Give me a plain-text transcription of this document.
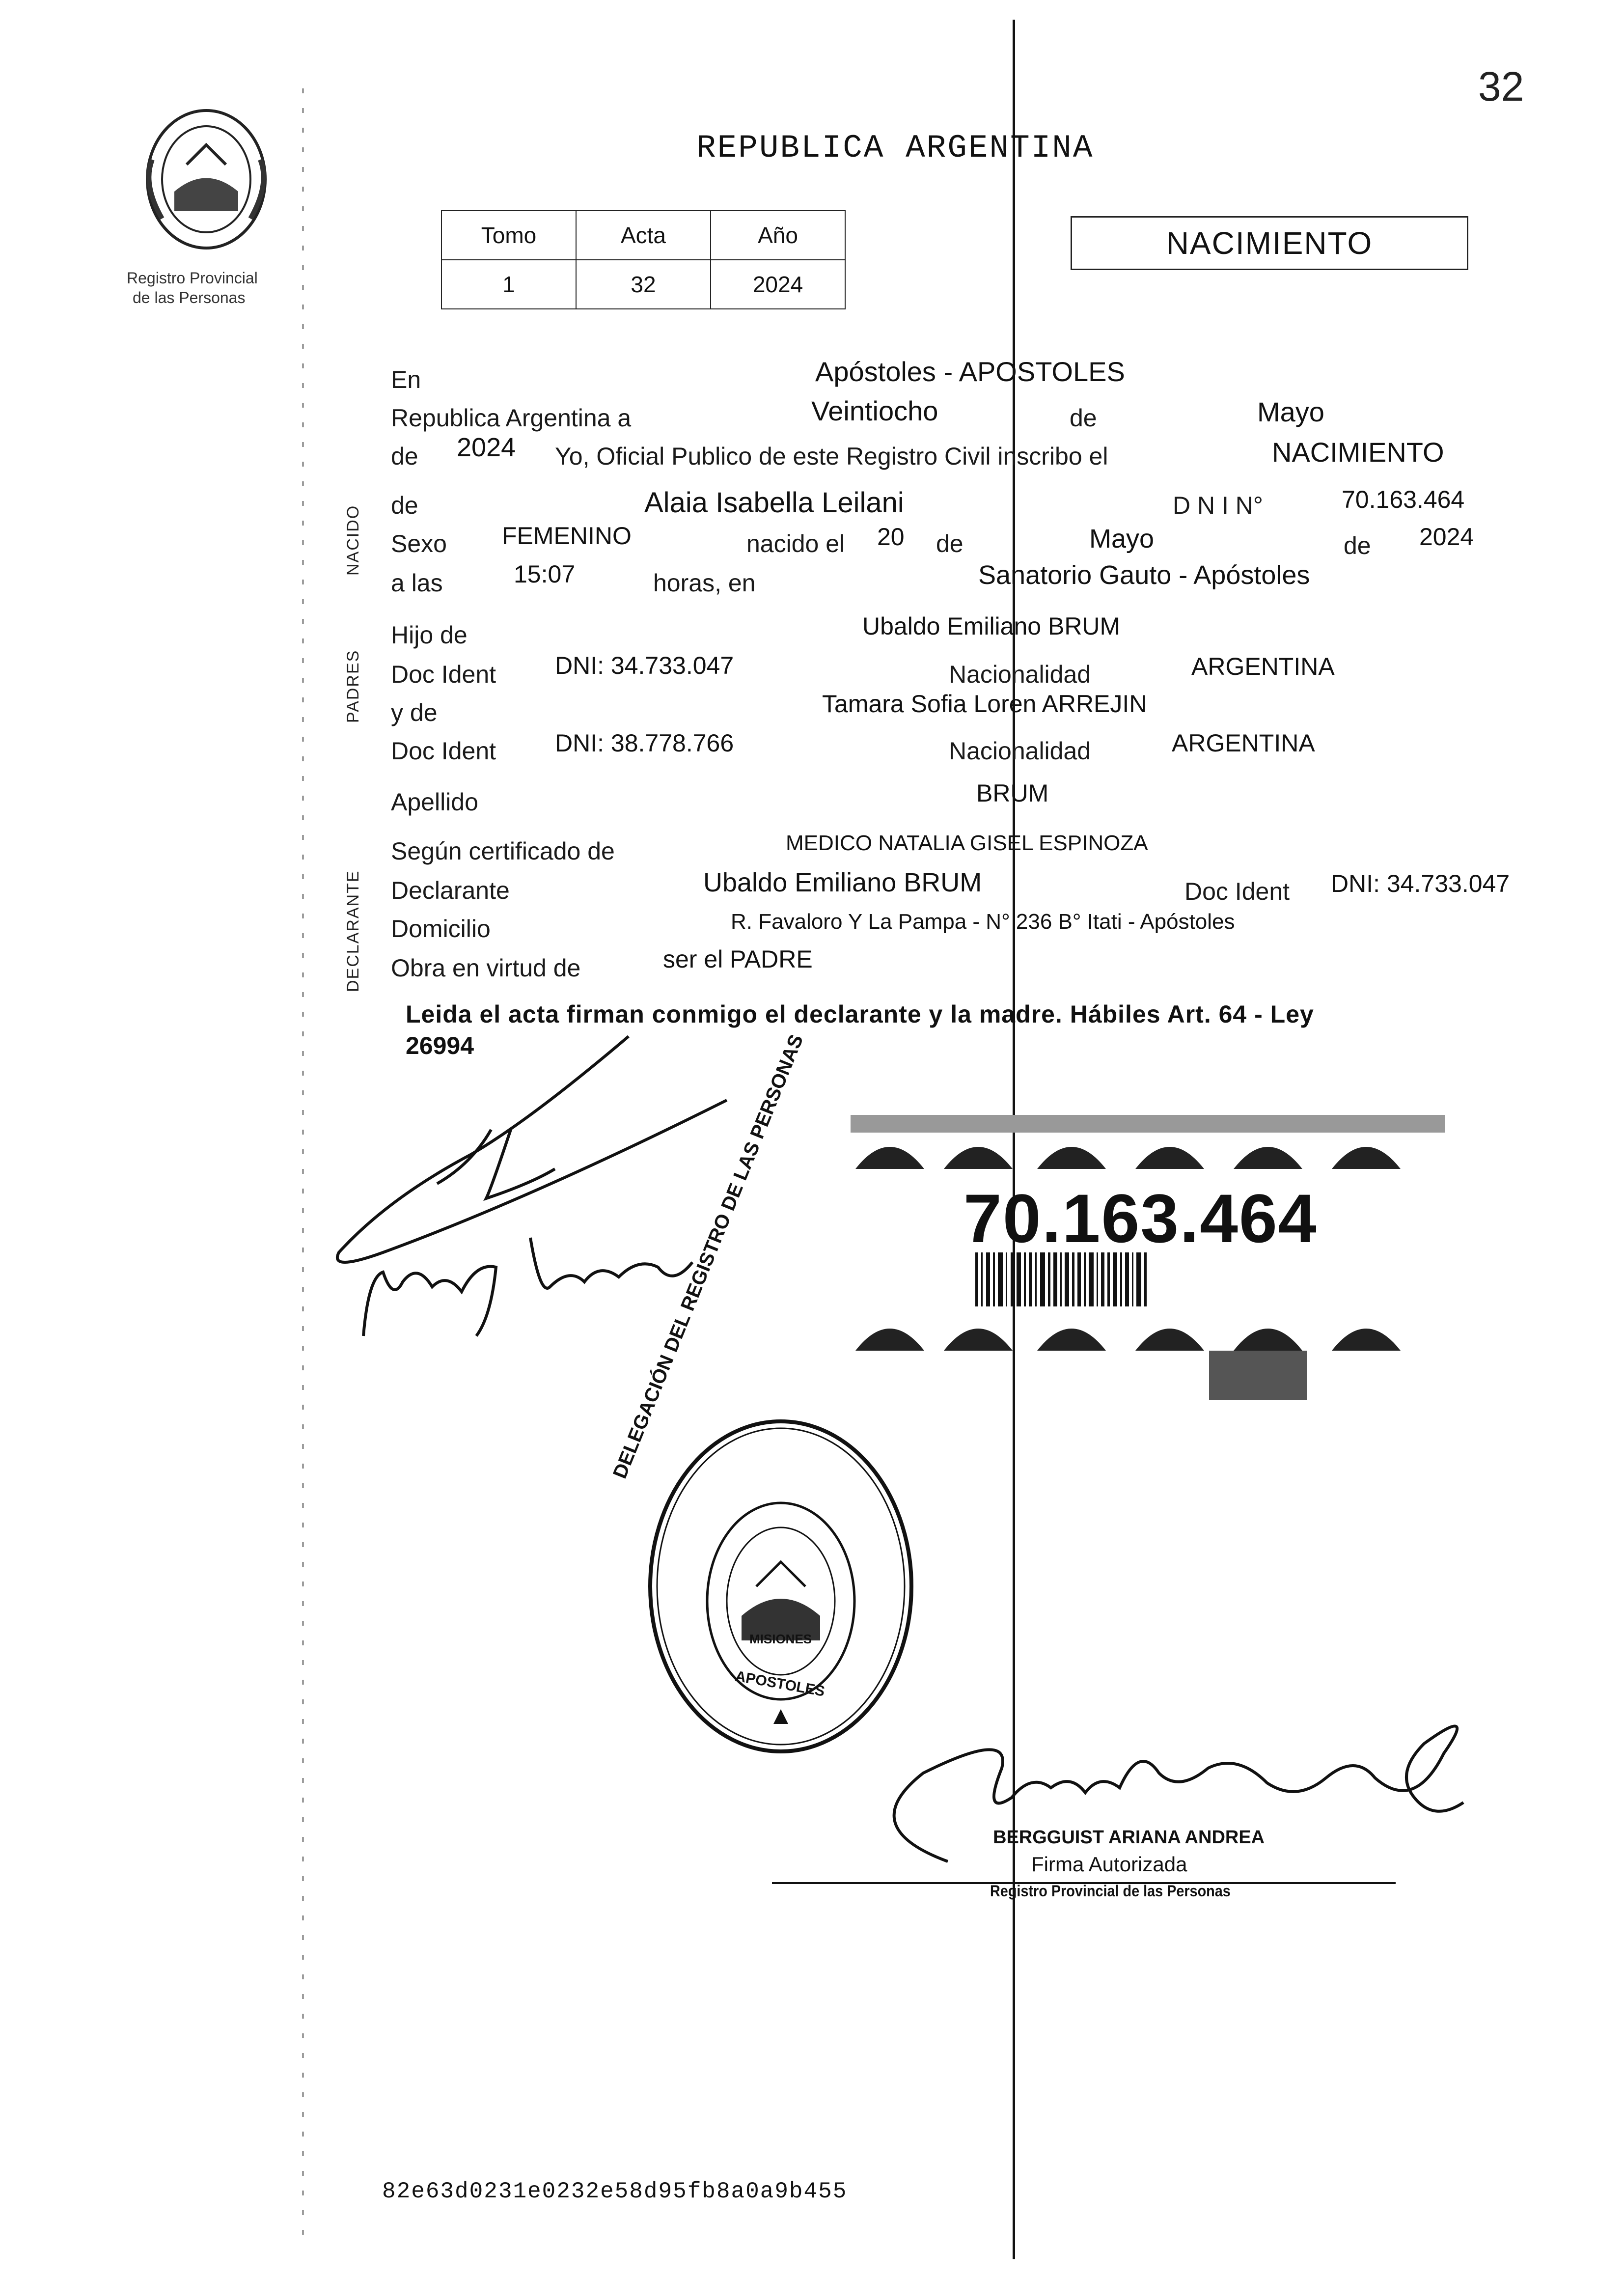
32
Registro Provincial
de las Personas
REPUBLICA ARGENTINA
Tomo	Acta	Año
1	32	2024
NACIMIENTO
NACIDO
PADRES
DECLARANTE
En	Apóstoles - APOSTOLES
Republica Argentina a	Veintiocho	de	Mayo
de 2024 Yo, Oficial Publico de este Registro Civil inscribo el	NACIMIENTO
de	Alaia Isabella Leilani	D N I N°	70.163.464
Sexo FEMENINO	nacido el 20 de	Mayo	de 2024
a las	15:07	horas, en	Sanatorio Gauto - Apóstoles
Hijo de	Ubaldo Emiliano BRUM
Doc Ident DNI: 34.733.047	Nacionalidad	ARGENTINA
y de	Tamara Sofia Loren ARREJIN
Doc Ident DNI: 38.778.766	Nacionalidad	ARGENTINA
Apellido	BRUM
Según certificado de	MEDICO NATALIA GISEL ESPINOZA
Declarante	Ubaldo Emiliano BRUM	Doc Ident DNI: 34.733.047
Domicilio	R. Favaloro Y La Pampa - N° 236 B° Itati - Apóstoles
Obra en virtud de	ser el PADRE
Leida el acta firman conmigo el declarante y la madre. Hábiles Art. 64 - Ley
26994
70.163.464
DELEGACIÓN DEL REGISTRO DE LAS PERSONAS
APOSTOLES
MISIONES
BERGGUIST ARIANA ANDREA
Firma Autorizada
Registro Provincial de las Personas
82e63d0231e0232e58d95fb8a0a9b455
